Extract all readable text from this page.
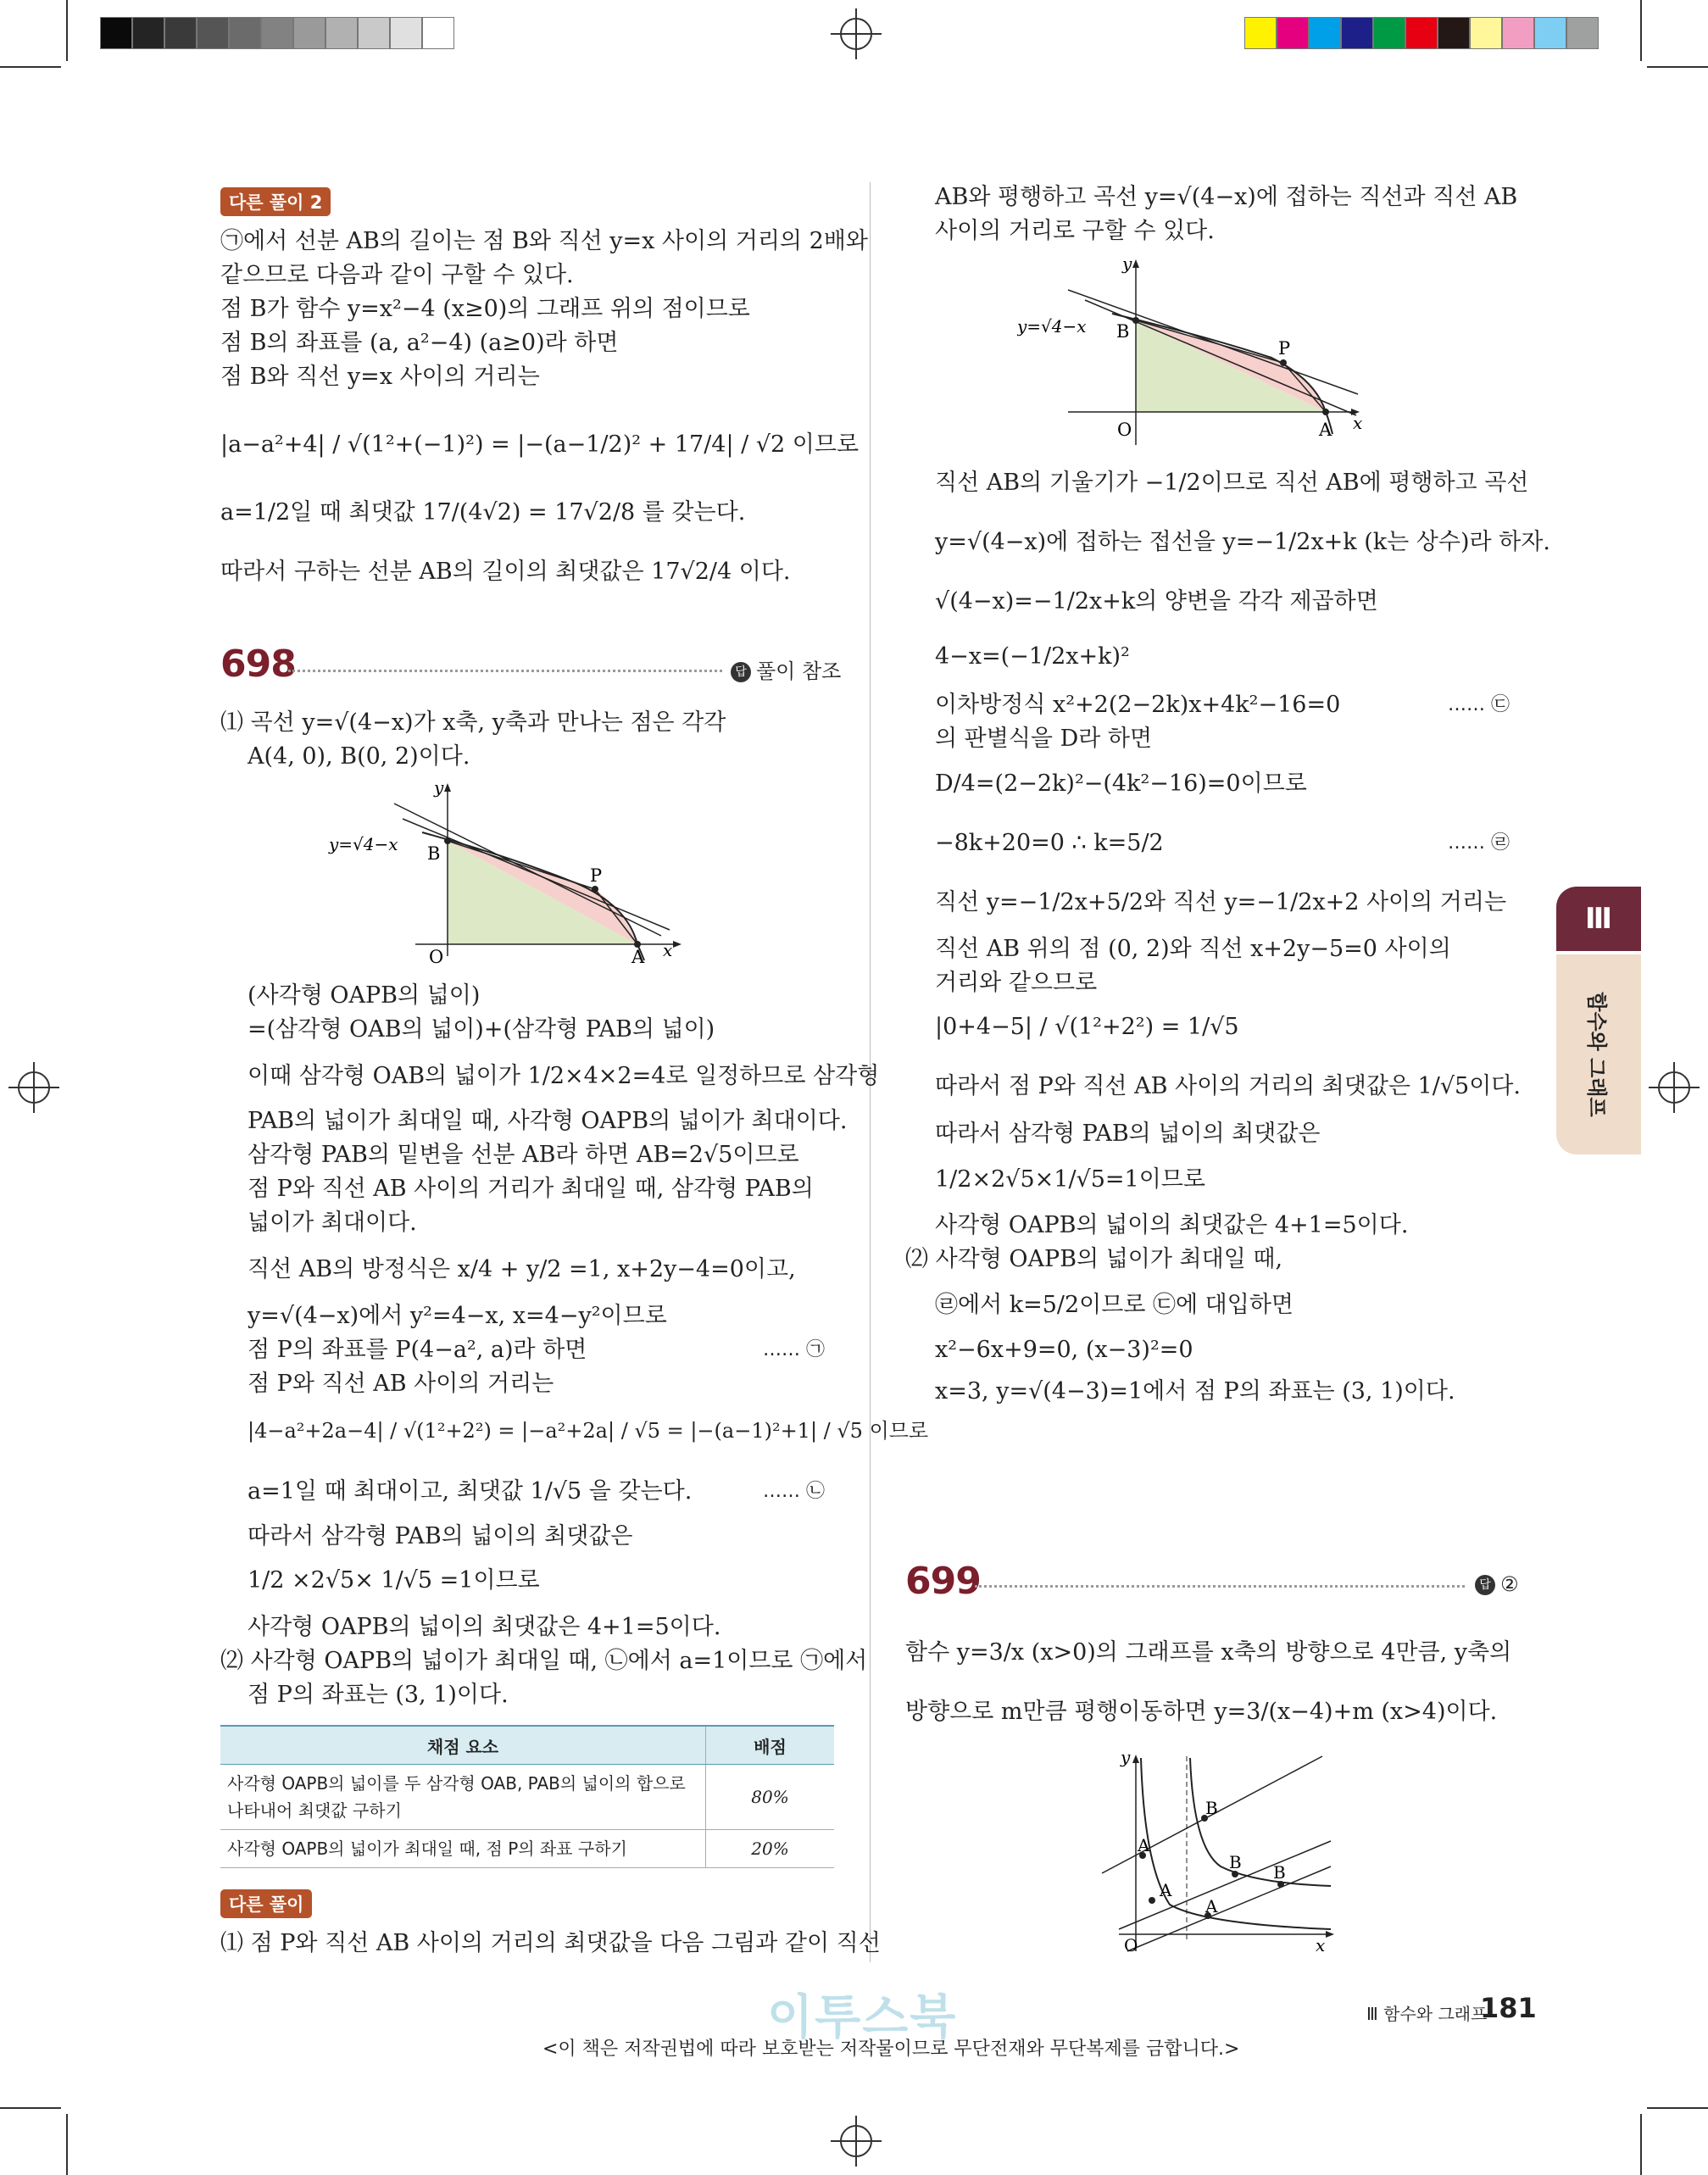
다른 풀이 2
㉠에서 선분 AB의 길이는 점 B와 직선 y=x 사이의 거리의 2배와
같으므로 다음과 같이 구할 수 있다.
점 B가 함수 y=x²−4 (x≥0)의 그래프 위의 점이므로
점 B의 좌표를 (a, a²−4) (a≥0)라 하면
점 B와 직선 y=x 사이의 거리는
|a−a²+4| / √(1²+(−1)²) = |−(a−1/2)² + 17/4| / √2 이므로
a=1/2일 때 최댓값 17/(4√2) = 17√2/8 를 갖는다.
따라서 구하는 선분 AB의 길이의 최댓값은 17√2/4 이다.
698	답 풀이 참조
⑴ 곡선 y=√(4−x)가 x축, y축과 만나는 점은 각각
A(4, 0), B(0, 2)이다.
y=√4−x B
P
O	A x
y
(사각형 OAPB의 넓이)
=(삼각형 OAB의 넓이)+(삼각형 PAB의 넓이)
이때 삼각형 OAB의 넓이가 1/2×4×2=4로 일정하므로 삼각형
PAB의 넓이가 최대일 때, 사각형 OAPB의 넓이가 최대이다.
삼각형 PAB의 밑변을 선분 AB라 하면 AB=2√5이므로
점 P와 직선 AB 사이의 거리가 최대일 때, 삼각형 PAB의
넓이가 최대이다.
직선 AB의 방정식은 x/4 + y/2 =1, x+2y−4=0이고,
y=√(4−x)에서 y²=4−x, x=4−y²이므로
점 P의 좌표를 P(4−a², a)라 하면	…… ㉠
점 P와 직선 AB 사이의 거리는
|4−a²+2a−4| / √(1²+2²) = |−a²+2a| / √5 = |−(a−1)²+1| / √5 이므로
a=1일 때 최대이고, 최댓값 1/√5 을 갖는다.	…… ㉡
따라서 삼각형 PAB의 넓이의 최댓값은
1/2 ×2√5× 1/√5 =1이므로
사각형 OAPB의 넓이의 최댓값은 4+1=5이다.
⑵ 사각형 OAPB의 넓이가 최대일 때, ㉡에서 a=1이므로 ㉠에서
점 P의 좌표는 (3, 1)이다.
채점 요소	배점
사각형 OAPB의 넓이를 두 삼각형 OAB, PAB의 넓이의 합으로 나타내어 최댓값 구하기	80%
사각형 OAPB의 넓이가 최대일 때, 점 P의 좌표 구하기	20%
다른 풀이
⑴ 점 P와 직선 AB 사이의 거리의 최댓값을 다음 그림과 같이 직선
AB와 평행하고 곡선 y=√(4−x)에 접하는 직선과 직선 AB
사이의 거리로 구할 수 있다.
y=√4−x B
P
O	A x
y
직선 AB의 기울기가 −1/2이므로 직선 AB에 평행하고 곡선
y=√(4−x)에 접하는 접선을 y=−1/2x+k (k는 상수)라 하자.
√(4−x)=−1/2x+k의 양변을 각각 제곱하면
4−x=(−1/2x+k)²
이차방정식 x²+2(2−2k)x+4k²−16=0	…… ㉢
의 판별식을 D라 하면
D/4=(2−2k)²−(4k²−16)=0이므로
−8k+20=0 ∴ k=5/2	…… ㉣
직선 y=−1/2x+5/2와 직선 y=−1/2x+2 사이의 거리는
직선 AB 위의 점 (0, 2)와 직선 x+2y−5=0 사이의
거리와 같으므로
|0+4−5| / √(1²+2²) = 1/√5
따라서 점 P와 직선 AB 사이의 거리의 최댓값은 1/√5이다.
따라서 삼각형 PAB의 넓이의 최댓값은
1/2×2√5×1/√5=1이므로
사각형 OAPB의 넓이의 최댓값은 4+1=5이다.
⑵ 사각형 OAPB의 넓이가 최대일 때,
㉣에서 k=5/2이므로 ㉢에 대입하면
x²−6x+9=0, (x−3)²=0
x=3, y=√(4−3)=1에서 점 P의 좌표는 (3, 1)이다.
699	답 ②
함수 y=3/x (x>0)의 그래프를 x축의 방향으로 4만큼, y축의
방향으로 m만큼 평행이동하면 y=3/(x−4)+m (x>4)이다.
A
B
A
B
A
B
O	x
y
Ⅲ
함수와 그래프
이투스북	Ⅲ 함수와 그래프
181
<이 책은 저작권법에 따라 보호받는 저작물이므로 무단전재와 무단복제를 금합니다.>
